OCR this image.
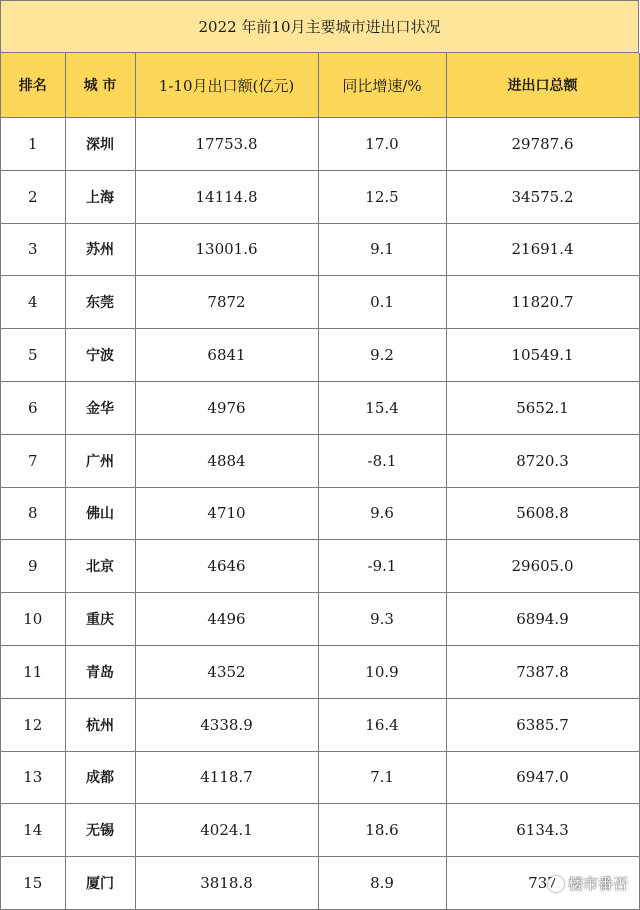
2022 年前10月主要城市进出口状况
排名	城 市	1-10月出口额(亿元)	同比增速/%	进出口总额
1	深圳	17753.8	17.0	29787.6
2	上海	14114.8	12.5	34575.2
3	苏州	13001.6	9.1	21691.4
4	东莞	7872	0.1	11820.7
5	宁波	6841	9.2	10549.1
6	金华	4976	15.4	5652.1
7	广州	4884	-8.1	8720.3
8	佛山	4710	9.6	5608.8
9	北京	4646	-9.1	29605.0
10	重庆	4496	9.3	6894.9
11	青岛	4352	10.9	7387.8
12	杭州	4338.9	16.4	6385.7
13	成都	4118.7	7.1	6947.0
14	无锡	4024.1	18.6	6134.3
15	厦门	3818.8	8.9	737 楼市番否
